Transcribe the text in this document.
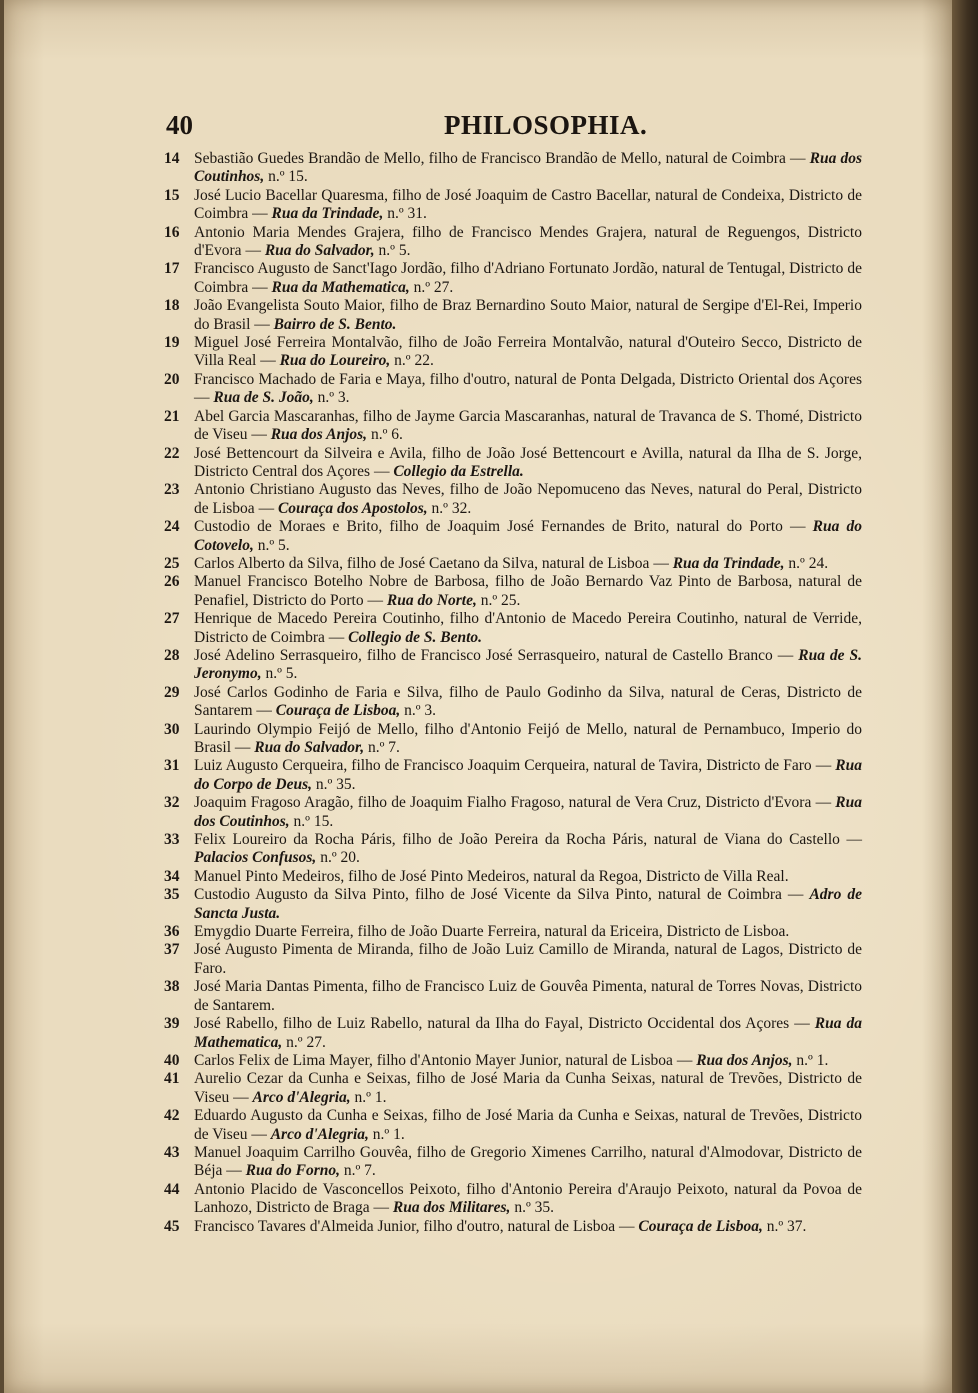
40	PHILOSOPHIA.
14 Sebastião Guedes Brandão de Mello, filho de Francisco Brandão de Mello, natural de Coimbra — Rua dos Coutinhos, n.º 15.
15 José Lucio Bacellar Quaresma, filho de José Joaquim de Castro Bacellar, natural de Condeixa, Districto de Coimbra — Rua da Trindade, n.º 31.
16 Antonio Maria Mendes Grajera, filho de Francisco Mendes Grajera, natural de Reguengos, Districto d'Evora — Rua do Salvador, n.º 5.
17 Francisco Augusto de Sanct'Iago Jordão, filho d'Adriano Fortunato Jordão, natural de Tentugal, Districto de Coimbra — Rua da Mathematica, n.º 27.
18 João Evangelista Souto Maior, filho de Braz Bernardino Souto Maior, natural de Sergipe d'El-Rei, Imperio do Brasil — Bairro de S. Bento.
19 Miguel José Ferreira Montalvão, filho de João Ferreira Montalvão, natural d'Outeiro Secco, Districto de Villa Real — Rua do Loureiro, n.º 22.
20 Francisco Machado de Faria e Maya, filho d'outro, natural de Ponta Delgada, Districto Oriental dos Açores — Rua de S. João, n.º 3.
21 Abel Garcia Mascaranhas, filho de Jayme Garcia Mascaranhas, natural de Travanca de S. Thomé, Districto de Viseu — Rua dos Anjos, n.º 6.
22 José Bettencourt da Silveira e Avila, filho de João José Bettencourt e Avilla, natural da Ilha de S. Jorge, Districto Central dos Açores — Collegio da Estrella.
23 Antonio Christiano Augusto das Neves, filho de João Nepomuceno das Neves, natural do Peral, Districto de Lisboa — Couraça dos Apostolos, n.º 32.
24 Custodio de Moraes e Brito, filho de Joaquim José Fernandes de Brito, natural do Porto — Rua do Cotovelo, n.º 5.
25 Carlos Alberto da Silva, filho de José Caetano da Silva, natural de Lisboa — Rua da Trindade, n.º 24.
26 Manuel Francisco Botelho Nobre de Barbosa, filho de João Bernardo Vaz Pinto de Barbosa, natural de Penafiel, Districto do Porto — Rua do Norte, n.º 25.
27 Henrique de Macedo Pereira Coutinho, filho d'Antonio de Macedo Pereira Coutinho, natural de Verride, Districto de Coimbra — Collegio de S. Bento.
28 José Adelino Serrasqueiro, filho de Francisco José Serrasqueiro, natural de Castello Branco — Rua de S. Jeronymo, n.º 5.
29 José Carlos Godinho de Faria e Silva, filho de Paulo Godinho da Silva, natural de Ceras, Districto de Santarem — Couraça de Lisboa, n.º 3.
30 Laurindo Olympio Feijó de Mello, filho d'Antonio Feijó de Mello, natural de Pernambuco, Imperio do Brasil — Rua do Salvador, n.º 7.
31 Luiz Augusto Cerqueira, filho de Francisco Joaquim Cerqueira, natural de Tavira, Districto de Faro — Rua do Corpo de Deus, n.º 35.
32 Joaquim Fragoso Aragão, filho de Joaquim Fialho Fragoso, natural de Vera Cruz, Districto d'Evora — Rua dos Coutinhos, n.º 15.
33 Felix Loureiro da Rocha Páris, filho de João Pereira da Rocha Páris, natural de Viana do Castello — Palacios Confusos, n.º 20.
34 Manuel Pinto Medeiros, filho de José Pinto Medeiros, natural da Regoa, Districto de Villa Real.
35 Custodio Augusto da Silva Pinto, filho de José Vicente da Silva Pinto, natural de Coimbra — Adro de Sancta Justa.
36 Emygdio Duarte Ferreira, filho de João Duarte Ferreira, natural da Ericeira, Districto de Lisboa.
37 José Augusto Pimenta de Miranda, filho de João Luiz Camillo de Miranda, natural de Lagos, Districto de Faro.
38 José Maria Dantas Pimenta, filho de Francisco Luiz de Gouvêa Pimenta, natural de Torres Novas, Districto de Santarem.
39 José Rabello, filho de Luiz Rabello, natural da Ilha do Fayal, Districto Occidental dos Açores — Rua da Mathematica, n.º 27.
40 Carlos Felix de Lima Mayer, filho d'Antonio Mayer Junior, natural de Lisboa — Rua dos Anjos, n.º 1.
41 Aurelio Cezar da Cunha e Seixas, filho de José Maria da Cunha Seixas, natural de Trevões, Districto de Viseu — Arco d'Alegria, n.º 1.
42 Eduardo Augusto da Cunha e Seixas, filho de José Maria da Cunha e Seixas, natural de Trevões, Districto de Viseu — Arco d'Alegria, n.º 1.
43 Manuel Joaquim Carrilho Gouvêa, filho de Gregorio Ximenes Carrilho, natural d'Almodovar, Districto de Béja — Rua do Forno, n.º 7.
44 Antonio Placido de Vasconcellos Peixoto, filho d'Antonio Pereira d'Araujo Peixoto, natural da Povoa de Lanhozo, Districto de Braga — Rua dos Militares, n.º 35.
45 Francisco Tavares d'Almeida Junior, filho d'outro, natural de Lisboa — Couraça de Lisboa, n.º 37.
